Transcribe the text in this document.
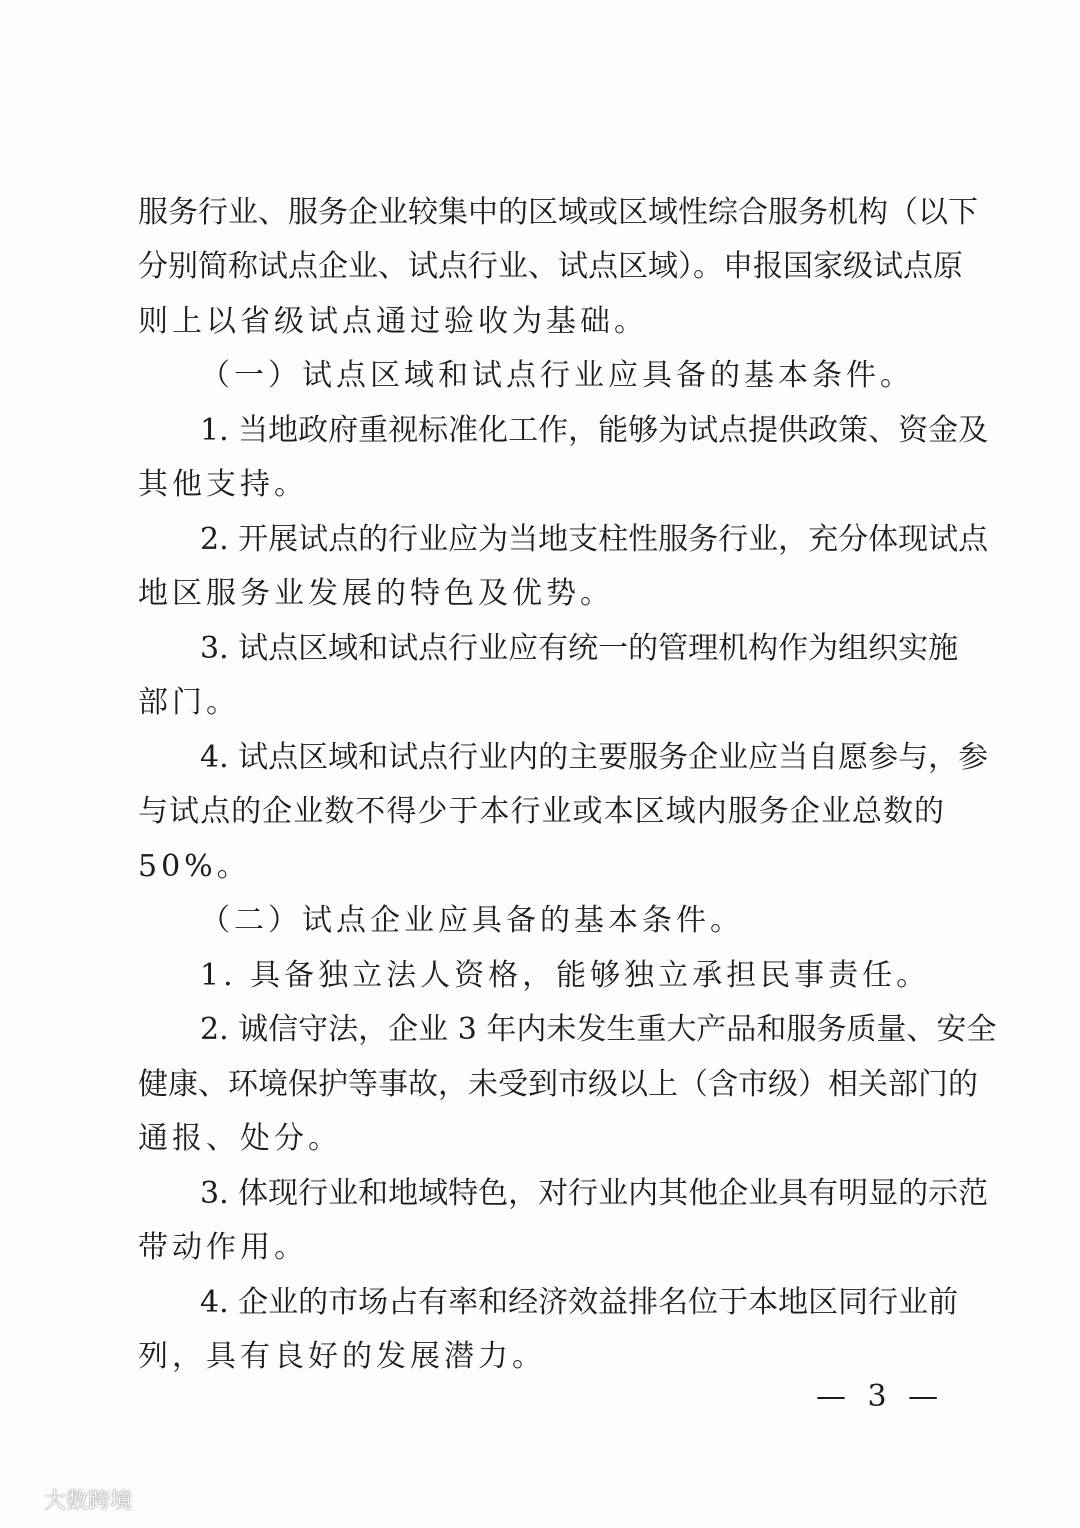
服务行业、服务企业较集中的区域或区域性综合服务机构（以下
分别简称试点企业、试点行业、试点区域）。申报国家级试点原
则上以省级试点通过验收为基础。
（一）试点区域和试点行业应具备的基本条件。
1. 当地政府重视标准化工作，能够为试点提供政策、资金及
其他支持。
2. 开展试点的行业应为当地支柱性服务行业，充分体现试点
地区服务业发展的特色及优势。
3. 试点区域和试点行业应有统一的管理机构作为组织实施
部门。
4. 试点区域和试点行业内的主要服务企业应当自愿参与，参
与试点的企业数不得少于本行业或本区域内服务企业总数的
50%。
（二）试点企业应具备的基本条件。
1. 具备独立法人资格，能够独立承担民事责任。
2. 诚信守法，企业 3 年内未发生重大产品和服务质量、安全
健康、环境保护等事故，未受到市级以上（含市级）相关部门的
通报、处分。
3. 体现行业和地域特色，对行业内其他企业具有明显的示范
带动作用。
4. 企业的市场占有率和经济效益排名位于本地区同行业前
列，具有良好的发展潜力。
— 3 —
大数跨境
